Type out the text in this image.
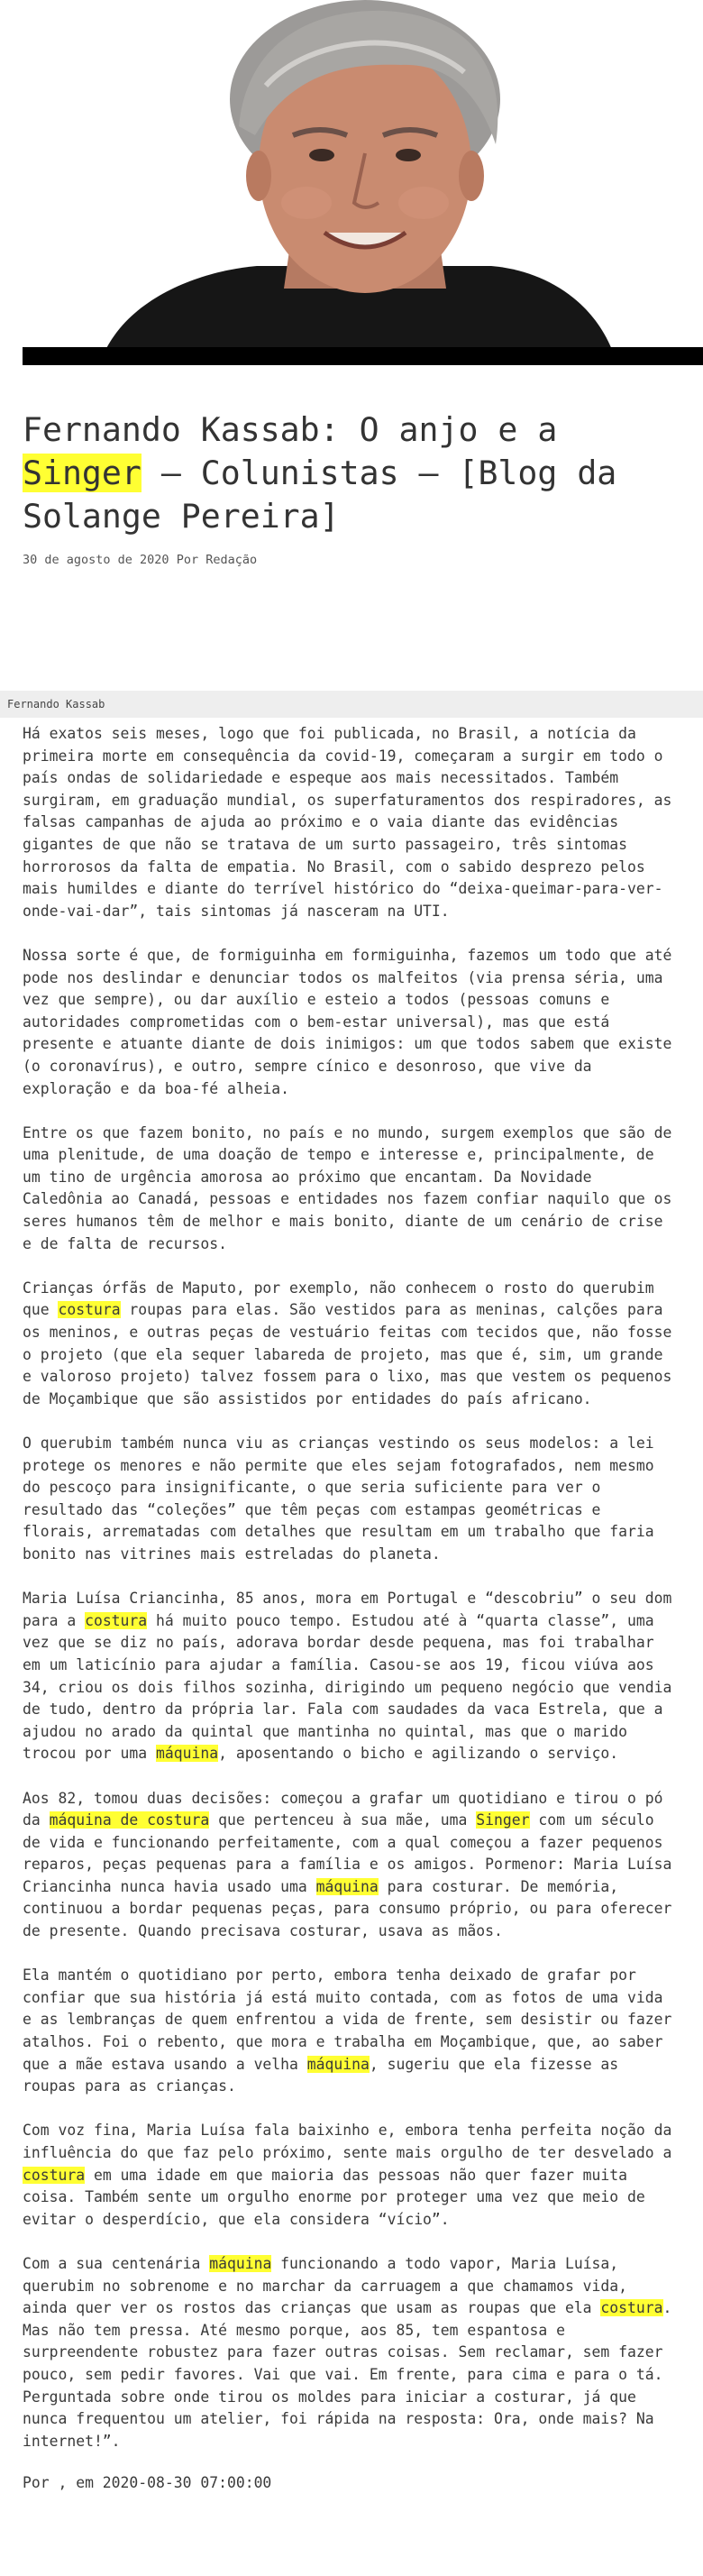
Fernando Kassab: O anjo e a Singer – Colunistas – [Blog da Solange Pereira]
30 de agosto de 2020 Por Redação
Fernando Kassab

Há exatos seis meses, logo que foi publicada, no Brasil, a notícia da primeira morte em consequência da covid-19, começaram a surgir em todo o país ondas de solidariedade e espeque aos mais necessitados. Também surgiram, em graduação mundial, os superfaturamentos dos respiradores, as falsas campanhas de ajuda ao próximo e o vaia diante das evidências gigantes de que não se tratava de um surto passageiro, três sintomas horrorosos da falta de empatia. No Brasil, com o sabido desprezo pelos mais humildes e diante do terrível histórico do “deixa-queimar-para-ver-onde-vai-dar”, tais sintomas já nasceram na UTI.

Nossa sorte é que, de formiguinha em formiguinha, fazemos um todo que até pode nos deslindar e denunciar todos os malfeitos (via prensa séria, uma vez que sempre), ou dar auxílio e esteio a todos (pessoas comuns e autoridades comprometidas com o bem-estar universal), mas que está presente e atuante diante de dois inimigos: um que todos sabem que existe (o coronavírus), e outro, sempre cínico e desonroso, que vive da exploração e da boa-fé alheia.

Entre os que fazem bonito, no país e no mundo, surgem exemplos que são de uma plenitude, de uma doação de tempo e interesse e, principalmente, de um tino de urgência amorosa ao próximo que encantam. Da Novidade Caledônia ao Canadá, pessoas e entidades nos fazem confiar naquilo que os seres humanos têm de melhor e mais bonito, diante de um cenário de crise e de falta de recursos.

Crianças órfãs de Maputo, por exemplo, não conhecem o rosto do querubim que costura roupas para elas. São vestidos para as meninas, calções para os meninos, e outras peças de vestuário feitas com tecidos que, não fosse o projeto (que ela sequer labareda de projeto, mas que é, sim, um grande e valoroso projeto) talvez fossem para o lixo, mas que vestem os pequenos de Moçambique que são assistidos por entidades do país africano.

O querubim também nunca viu as crianças vestindo os seus modelos: a lei protege os menores e não permite que eles sejam fotografados, nem mesmo do pescoço para insignificante, o que seria suficiente para ver o resultado das “coleções” que têm peças com estampas geométricas e florais, arrematadas com detalhes que resultam em um trabalho que faria bonito nas vitrines mais estreladas do planeta.

Maria Luísa Criancinha, 85 anos, mora em Portugal e “descobriu” o seu dom para a costura há muito pouco tempo. Estudou até à “quarta classe”, uma vez que se diz no país, adorava bordar desde pequena, mas foi trabalhar em um laticínio para ajudar a família. Casou-se aos 19, ficou viúva aos 34, criou os dois filhos sozinha, dirigindo um pequeno negócio que vendia de tudo, dentro da própria lar. Fala com saudades da vaca Estrela, que a ajudou no arado da quintal que mantinha no quintal, mas que o marido trocou por uma máquina, aposentando o bicho e agilizando o serviço.

Aos 82, tomou duas decisões: começou a grafar um quotidiano e tirou o pó da máquina de costura que pertenceu à sua mãe, uma Singer com um século de vida e funcionando perfeitamente, com a qual começou a fazer pequenos reparos, peças pequenas para a família e os amigos. Pormenor: Maria Luísa Criancinha nunca havia usado uma máquina para costurar. De memória, continuou a bordar pequenas peças, para consumo próprio, ou para oferecer de presente. Quando precisava costurar, usava as mãos.

Ela mantém o quotidiano por perto, embora tenha deixado de grafar por confiar que sua história já está muito contada, com as fotos de uma vida e as lembranças de quem enfrentou a vida de frente, sem desistir ou fazer atalhos. Foi o rebento, que mora e trabalha em Moçambique, que, ao saber que a mãe estava usando a velha máquina, sugeriu que ela fizesse as roupas para as crianças.

Com voz fina, Maria Luísa fala baixinho e, embora tenha perfeita noção da influência do que faz pelo próximo, sente mais orgulho de ter desvelado a costura em uma idade em que maioria das pessoas não quer fazer muita coisa. Também sente um orgulho enorme por proteger uma vez que meio de evitar o desperdício, que ela considera “vício”.

Com a sua centenária máquina funcionando a todo vapor, Maria Luísa, querubim no sobrenome e no marchar da carruagem a que chamamos vida, ainda quer ver os rostos das crianças que usam as roupas que ela costura. Mas não tem pressa. Até mesmo porque, aos 85, tem espantosa e surpreendente robustez para fazer outras coisas. Sem reclamar, sem fazer pouco, sem pedir favores. Vai que vai. Em frente, para cima e para o tá. Perguntada sobre onde tirou os moldes para iniciar a costurar, já que nunca frequentou um atelier, foi rápida na resposta: Ora, onde mais? Na internet!”.

Por , em 2020-08-30 07:00:00
